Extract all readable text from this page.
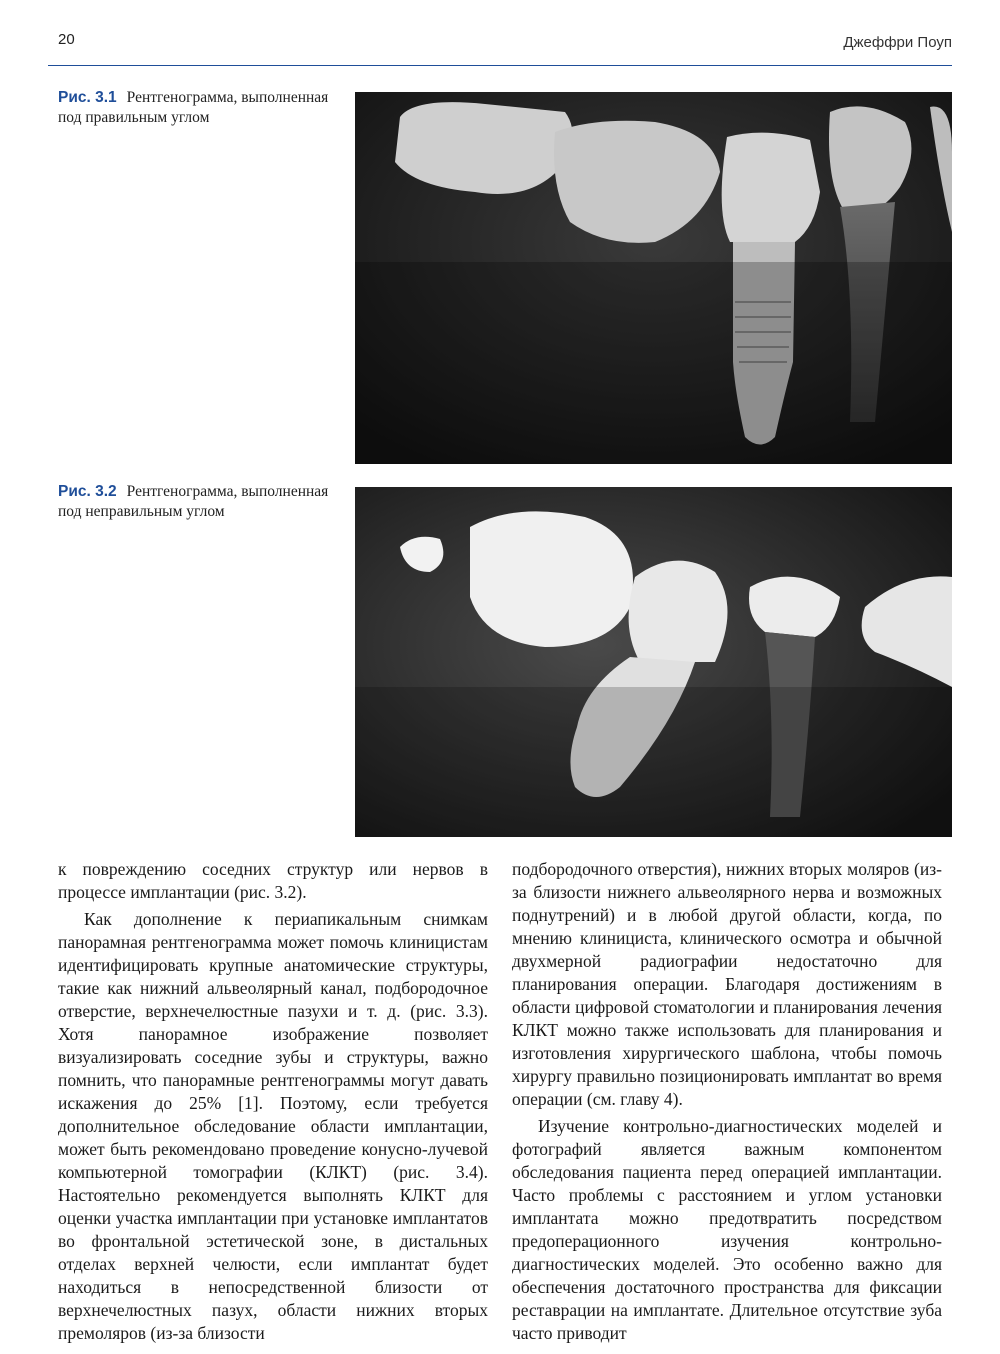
20	Джеффри Поуп
Рис. 3.1 Рентгенограмма, выполненная под правильным углом
Рис. 3.2 Рентгенограмма, выполненная под неправильным углом

к повреждению соседних структур или нервов в процессе имплантации (рис. 3.2).

Как дополнение к периапикальным снимкам панорамная рентгенограмма может помочь клиницистам идентифицировать крупные анатомические структуры, такие как нижний альвеолярный канал, подбородочное отверстие, верхнечелюстные пазухи и т. д. (рис. 3.3). Хотя панорамное изображение позволяет визуализировать соседние зубы и структуры, важно помнить, что панорамные рентгенограммы могут давать искажения до 25% [1]. Поэтому, если требуется дополнительное обследование области имплантации, может быть рекомендовано проведение конусно-лучевой компьютерной томографии (КЛКТ) (рис. 3.4). Настоятельно рекомендуется выполнять КЛКТ для оценки участка имплантации при установке имплантатов во фронтальной эстетической зоне, в дистальных отделах верхней челюсти, если имплантат будет находиться в непосредственной близости от верхнечелюстных пазух, области нижних вторых премоляров (из-за близости

подбородочного отверстия), нижних вторых моляров (из-за близости нижнего альвеолярного нерва и возможных поднутрений) и в любой другой области, когда, по мнению клинициста, клинического осмотра и обычной двухмерной радиографии недостаточно для планирования операции. Благодаря достижениям в области цифровой стоматологии и планирования лечения КЛКТ можно также использовать для планирования и изготовления хирургического шаблона, чтобы помочь хирургу правильно позиционировать имплантат во время операции (см. главу 4).

Изучение контрольно-диагностических моделей и фотографий является важным компонентом обследования пациента перед операцией имплантации. Часто проблемы с расстоянием и углом установки имплантата можно предотвратить посредством предоперационного изучения контрольно-диагностических моделей. Это особенно важно для обеспечения достаточного пространства для фиксации реставрации на имплантате. Длительное отсутствие зуба часто приводит
